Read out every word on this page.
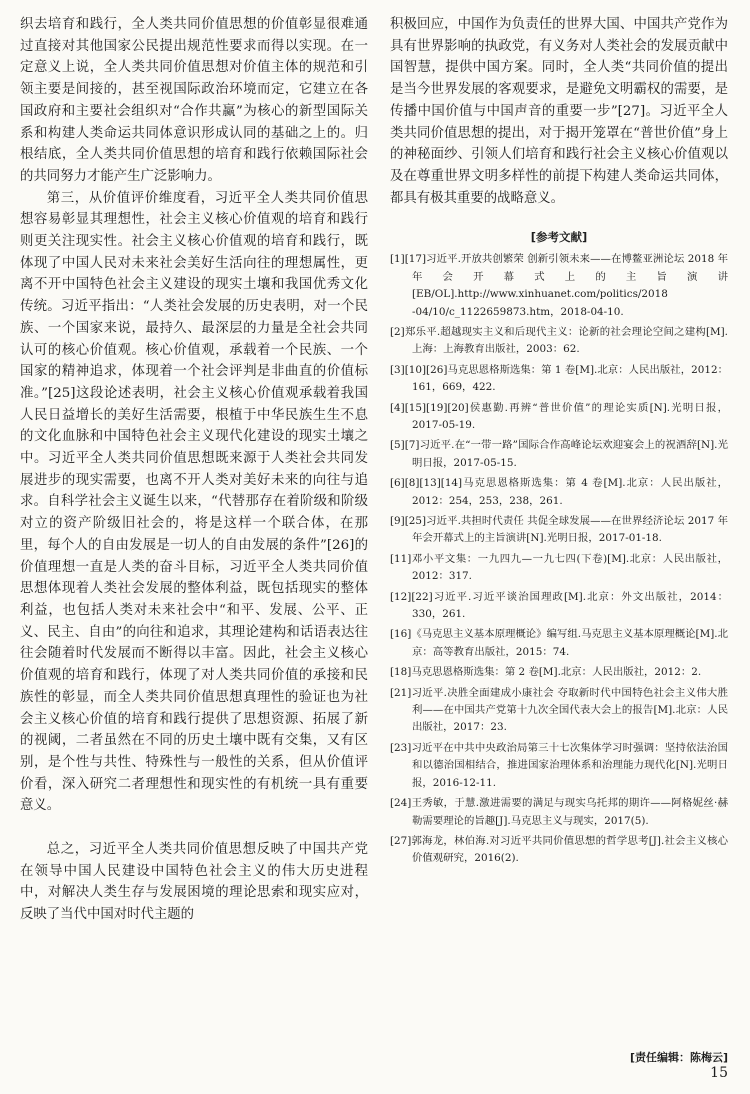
织去培育和践行，全人类共同价值思想的价值彰显很难通过直接对其他国家公民提出规范性要求而得以实现。在一定意义上说，全人类共同价值思想对价值主体的规范和引领主要是间接的，甚至视国际政治环境而定，它建立在各国政府和主要社会组织对“合作共赢”为核心的新型国际关系和构建人类命运共同体意识形成认同的基础之上的。归根结底，全人类共同价值思想的培育和践行依赖国际社会的共同努力才能产生广泛影响力。

第三，从价值评价维度看，习近平全人类共同价值思想容易彰显其理想性，社会主义核心价值观的培育和践行则更关注现实性。社会主义核心价值观的培育和践行，既体现了中国人民对未来社会美好生活向往的理想属性，更离不开中国特色社会主义建设的现实土壤和我国优秀文化传统。习近平指出：“人类社会发展的历史表明，对一个民族、一个国家来说，最持久、最深层的力量是全社会共同认可的核心价值观。核心价值观，承载着一个民族、一个国家的精神追求，体现着一个社会评判是非曲直的价值标准。”[25]这段论述表明，社会主义核心价值观承载着我国人民日益增长的美好生活需要，根植于中华民族生生不息的文化血脉和中国特色社会主义现代化建设的现实土壤之中。习近平全人类共同价值思想既来源于人类社会共同发展进步的现实需要，也离不开人类对美好未来的向往与追求。自科学社会主义诞生以来，“代替那存在着阶级和阶级对立的资产阶级旧社会的，将是这样一个联合体，在那里，每个人的自由发展是一切人的自由发展的条件”[26]的价值理想一直是人类的奋斗目标，习近平全人类共同价值思想体现着人类社会发展的整体利益，既包括现实的整体利益，也包括人类对未来社会中“和平、发展、公平、正义、民主、自由”的向往和追求，其理论建构和话语表达往往会随着时代发展而不断得以丰富。因此，社会主义核心价值观的培育和践行，体现了对人类共同价值的承接和民族性的彰显，而全人类共同价值思想真理性的验证也为社会主义核心价值的培育和践行提供了思想资源、拓展了新的视阈，二者虽然在不同的历史土壤中既有交集，又有区别，是个性与共性、特殊性与一般性的关系，但从价值评价看，深入研究二者理想性和现实性的有机统一具有重要意义。

总之，习近平全人类共同价值思想反映了中国共产党在领导中国人民建设中国特色社会主义的伟大历史进程中，对解决人类生存与发展困境的理论思索和现实应对，反映了当代中国对时代主题的

积极回应，中国作为负责任的世界大国、中国共产党作为具有世界影响的执政党，有义务对人类社会的发展贡献中国智慧，提供中国方案。同时，全人类“共同价值的提出是当今世界发展的客观要求，是避免文明霸权的需要，是传播中国价值与中国声音的重要一步”[27]。习近平全人类共同价值思想的提出，对于揭开笼罩在“普世价值”身上的神秘面纱、引领人们培育和践行社会主义核心价值观以及在尊重世界文明多样性的前提下构建人类命运共同体，都具有极其重要的战略意义。

[参考文献]

[1][17]习近平.开放共创繁荣 创新引领未来——在博鳌亚洲论坛 2018 年年会开幕式上的主旨演讲[EB/OL].http://www.xinhuanet.com/politics/2018 -04/10/c_1122659873.htm，2018-04-10.

[2]郑乐平.超越现实主义和后现代主义：论新的社会理论空间之建构[M].上海：上海教育出版社，2003：62.

[3][10][26]马克思恩格斯选集：第 1 卷[M].北京：人民出版社，2012：161，669，422.

[4][15][19][20]侯惠勤.再辨“普世价值”的理论实质[N].光明日报，2017-05-19.

[5][7]习近平.在“一带一路”国际合作高峰论坛欢迎宴会上的祝酒辞[N].光明日报，2017-05-15.

[6][8][13][14]马克思恩格斯选集：第 4 卷[M].北京：人民出版社，2012：254，253，238，261.

[9][25]习近平.共担时代责任 共促全球发展——在世界经济论坛 2017 年年会开幕式上的主旨演讲[N].光明日报，2017-01-18.

[11]邓小平文集：一九四九—一九七四(下卷)[M].北京：人民出版社，2012：317.

[12][22]习近平.习近平谈治国理政[M].北京：外文出版社，2014：330，261.

[16]《马克思主义基本原理概论》编写组.马克思主义基本原理概论[M].北京：高等教育出版社，2015：74.

[18]马克思恩格斯选集：第 2 卷[M].北京：人民出版社，2012：2.

[21]习近平.决胜全面建成小康社会 夺取新时代中国特色社会主义伟大胜利——在中国共产党第十九次全国代表大会上的报告[M].北京：人民出版社，2017：23.

[23]习近平在中共中央政治局第三十七次集体学习时强调：坚持依法治国和以德治国相结合，推进国家治理体系和治理能力现代化[N].光明日报，2016-12-11.

[24]王秀敏，于慧.激进需要的满足与现实乌托邦的期许——阿格妮丝·赫勒需要理论的旨趣[J].马克思主义与现实，2017(5).

[27]郭海龙，林伯海.对习近平共同价值思想的哲学思考[J].社会主义核心价值观研究，2016(2).

[责任编辑：陈梅云]
15
